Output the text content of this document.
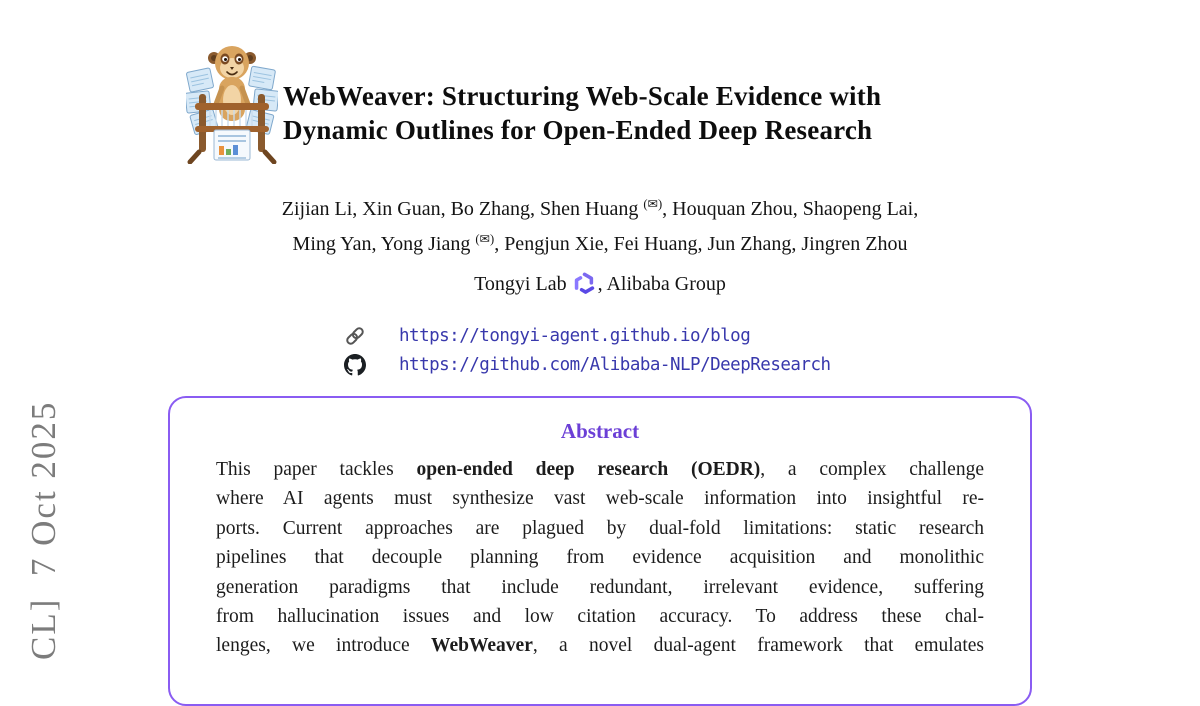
CL]  7 Oct 2025
WebWeaver: Structuring Web-Scale Evidence with
Dynamic Outlines for Open-Ended Deep Research
Zijian Li, Xin Guan, Bo Zhang, Shen Huang (✉), Houquan Zhou, Shaopeng Lai,
Ming Yan, Yong Jiang (✉), Pengjun Xie, Fei Huang, Jun Zhang, Jingren Zhou
Tongyi Lab , Alibaba Group
https://tongyi-agent.github.io/blog
https://github.com/Alibaba-NLP/DeepResearch
Abstract
This paper tackles open-ended deep research (OEDR), a complex challenge
where AI agents must synthesize vast web-scale information into insightful re-
ports. Current approaches are plagued by dual-fold limitations: static research
pipelines that decouple planning from evidence acquisition and monolithic
generation paradigms that include redundant, irrelevant evidence, suffering
from hallucination issues and low citation accuracy. To address these chal-
lenges, we introduce WebWeaver, a novel dual-agent framework that emulates
